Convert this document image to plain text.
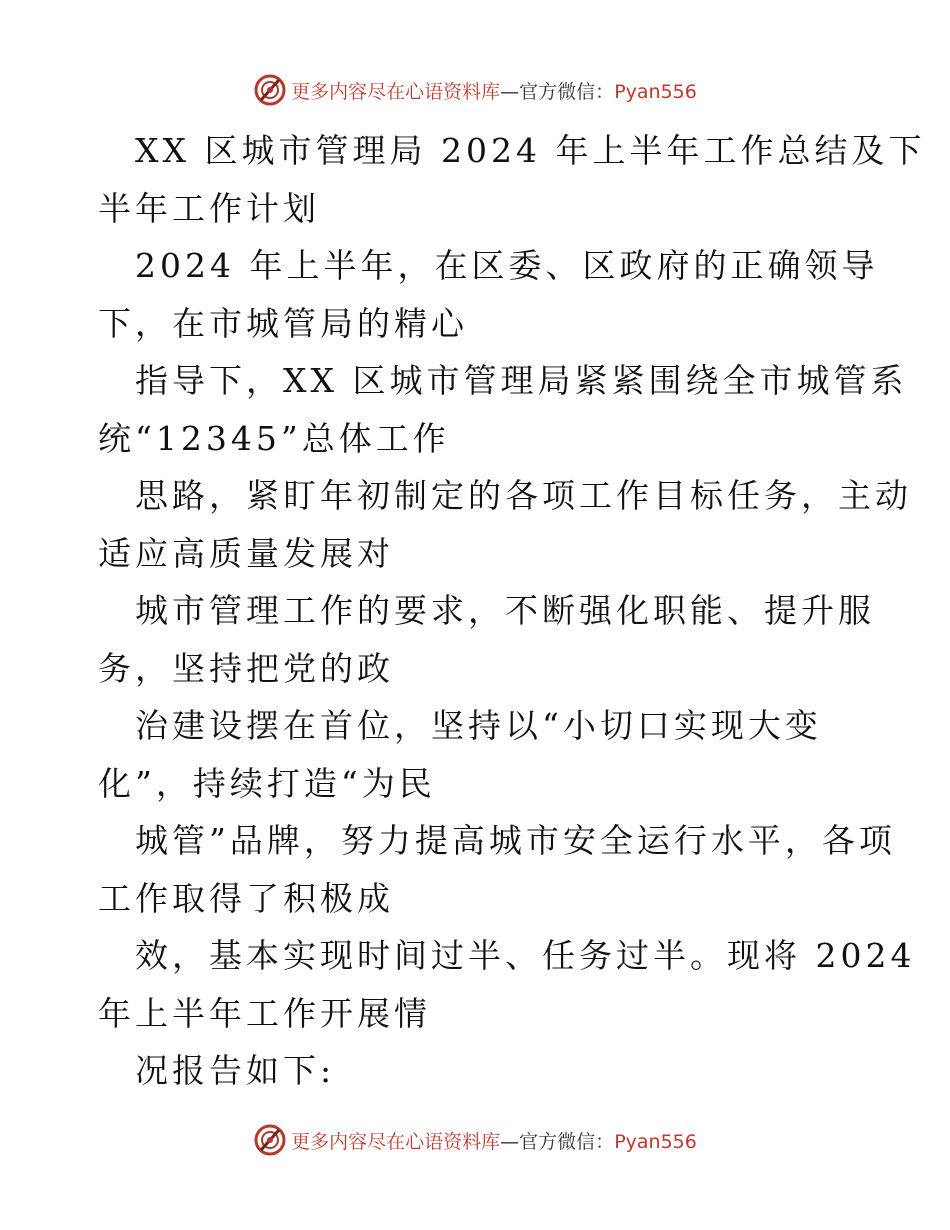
更多内容尽在心语资料库—官方微信：Pyan556
XX 区城市管理局 2024 年上半年工作总结及下
半年工作计划
2024 年上半年，在区委、区政府的正确领导
下，在市城管局的精心
指导下，XX 区城市管理局紧紧围绕全市城管系
统“12345”总体工作
思路，紧盯年初制定的各项工作目标任务，主动
适应高质量发展对
城市管理工作的要求，不断强化职能、提升服
务，坚持把党的政
治建设摆在首位，坚持以“小切口实现大变
化”，持续打造“为民
城管”品牌，努力提高城市安全运行水平，各项
工作取得了积极成
效，基本实现时间过半、任务过半。现将 2024
年上半年工作开展情
况报告如下:
更多内容尽在心语资料库—官方微信：Pyan556
